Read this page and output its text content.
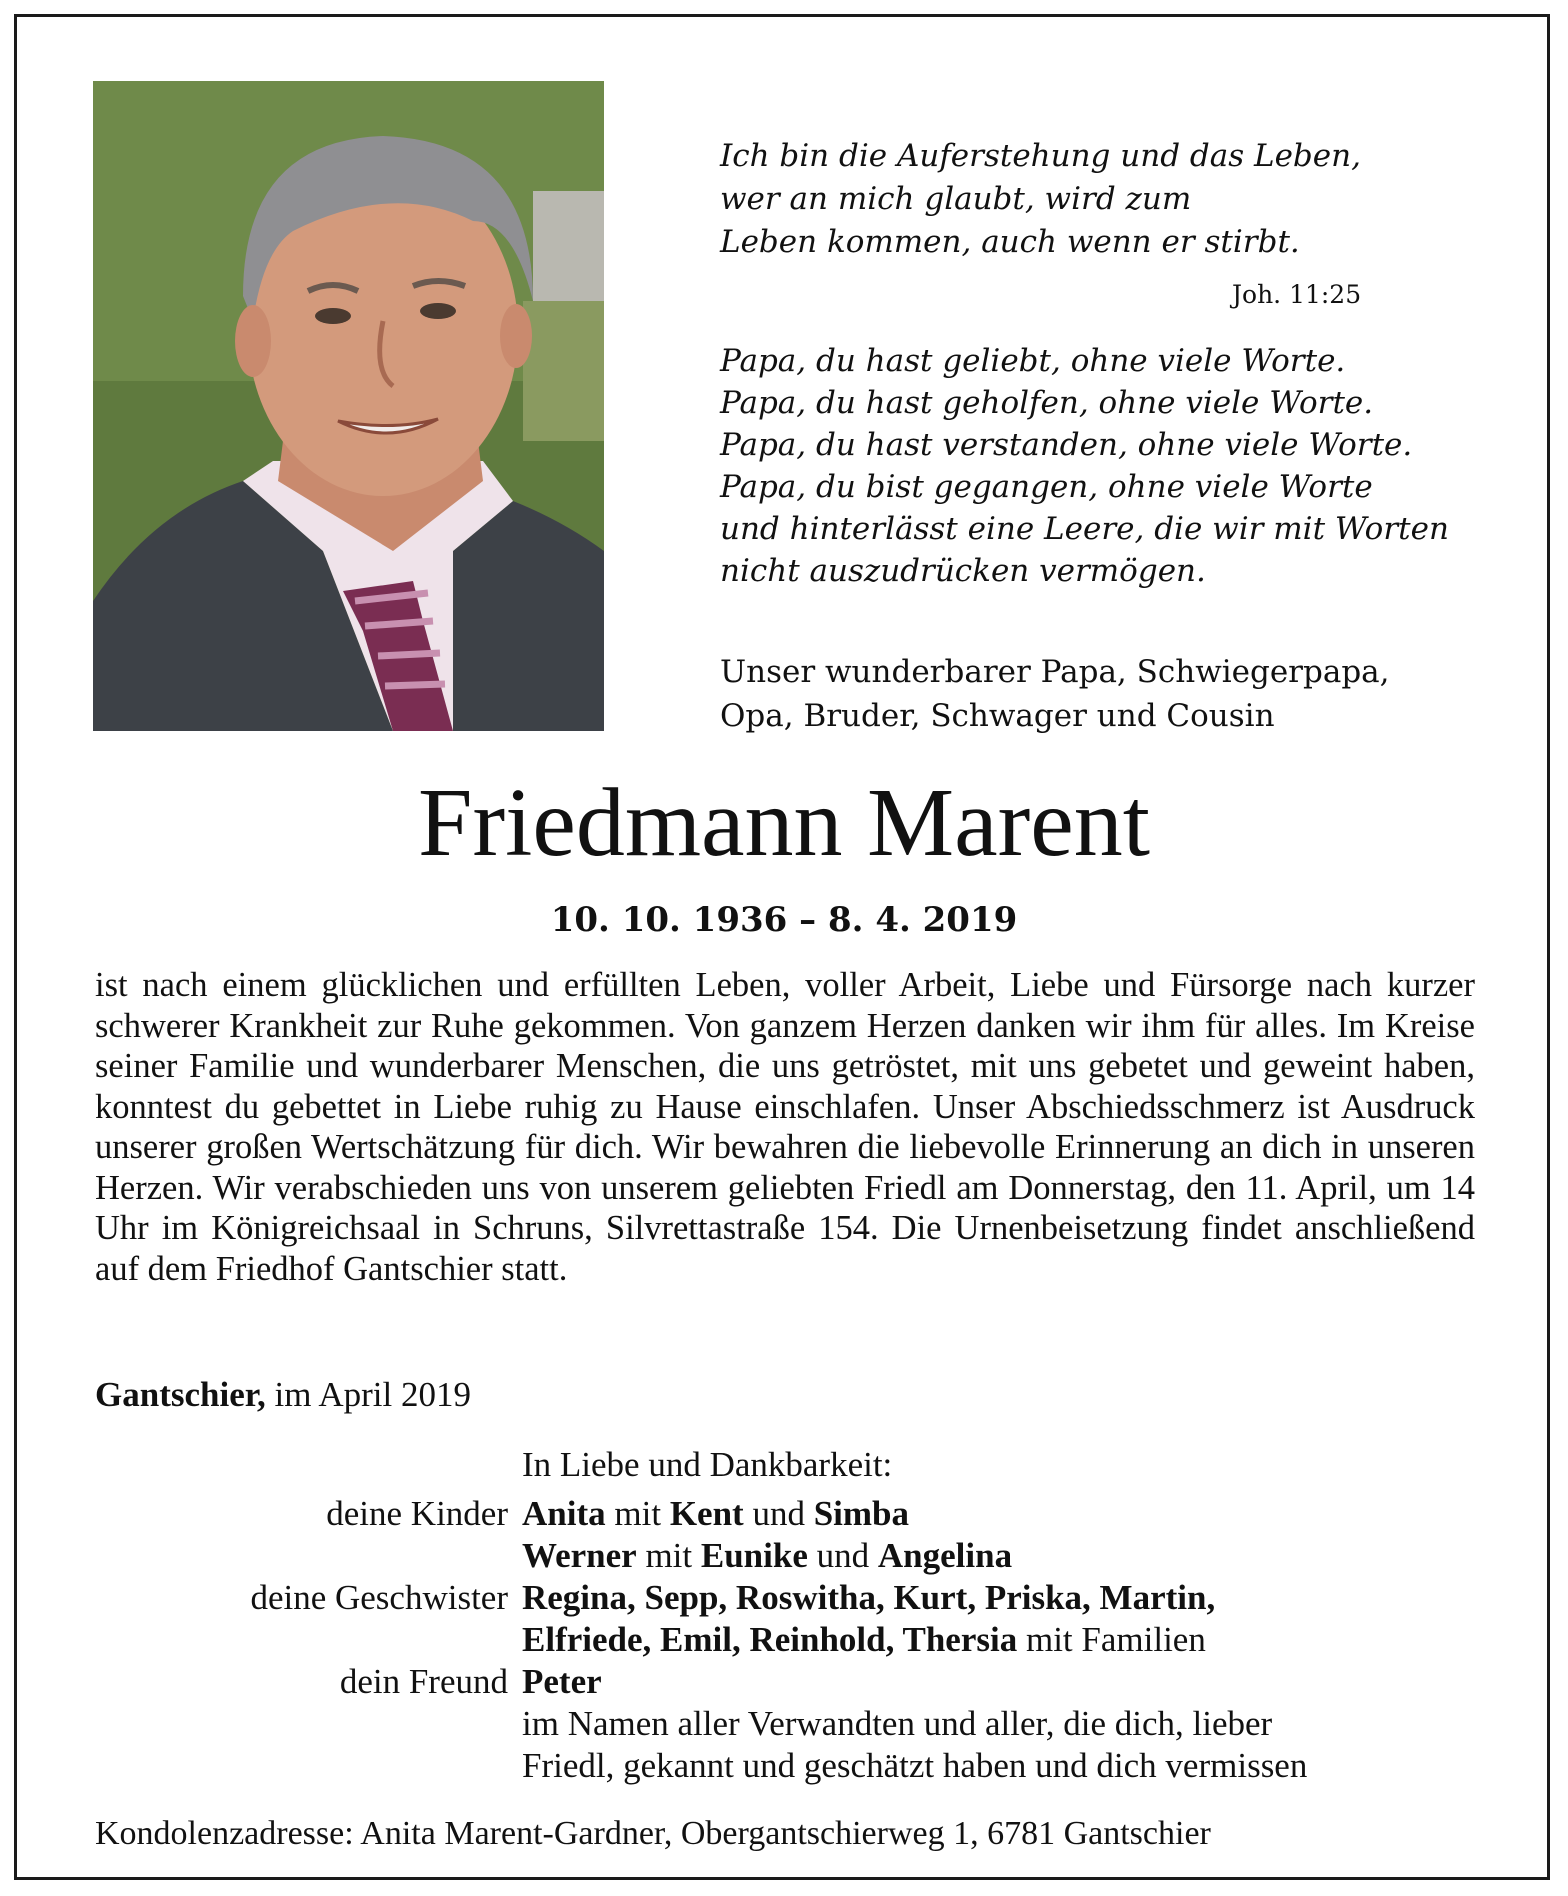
Ich bin die Auferstehung und das Leben,
wer an mich glaubt, wird zum
Leben kommen, auch wenn er stirbt.
Joh. 11:25
Papa, du hast geliebt, ohne viele Worte.
Papa, du hast geholfen, ohne viele Worte.
Papa, du hast verstanden, ohne viele Worte.
Papa, du bist gegangen, ohne viele Worte
und hinterlässt eine Leere, die wir mit Worten
nicht auszudrücken vermögen.
Unser wunderbarer Papa, Schwiegerpapa,
Opa, Bruder, Schwager und Cousin
Friedmann Marent
10. 10. 1936 – 8. 4. 2019
ist nach einem glücklichen und erfüllten Leben, voller Arbeit, Liebe und Fürsorge nach kurzer schwerer Krankheit zur Ruhe gekommen. Von ganzem Herzen danken wir ihm für alles. Im Kreise seiner Familie und wunderbarer Menschen, die uns getröstet, mit uns gebetet und geweint haben, konntest du gebettet in Liebe ruhig zu Hause einschlafen. Unser Abschiedsschmerz ist Ausdruck unserer großen Wertschätzung für dich. Wir bewahren die liebevolle Erinnerung an dich in unseren Herzen. Wir verabschieden uns von unserem geliebten Friedl am Donnerstag, den 11. April, um 14 Uhr im Königreichsaal in Schruns, Silvrettastraße 154. Die Urnenbeisetzung findet anschließend auf dem Friedhof Gantschier statt.
Gantschier, im April 2019
In Liebe und Dankbarkeit:
deine Kinder Anita mit Kent und Simba
Werner mit Eunike und Angelina
deine Geschwister Regina, Sepp, Roswitha, Kurt, Priska, Martin,
Elfriede, Emil, Reinhold, Thersia mit Familien
dein Freund Peter
im Namen aller Verwandten und aller, die dich, lieber
Friedl, gekannt und geschätzt haben und dich vermissen
Kondolenzadresse: Anita Marent-Gardner, Obergantschierweg 1, 6781 Gantschier
